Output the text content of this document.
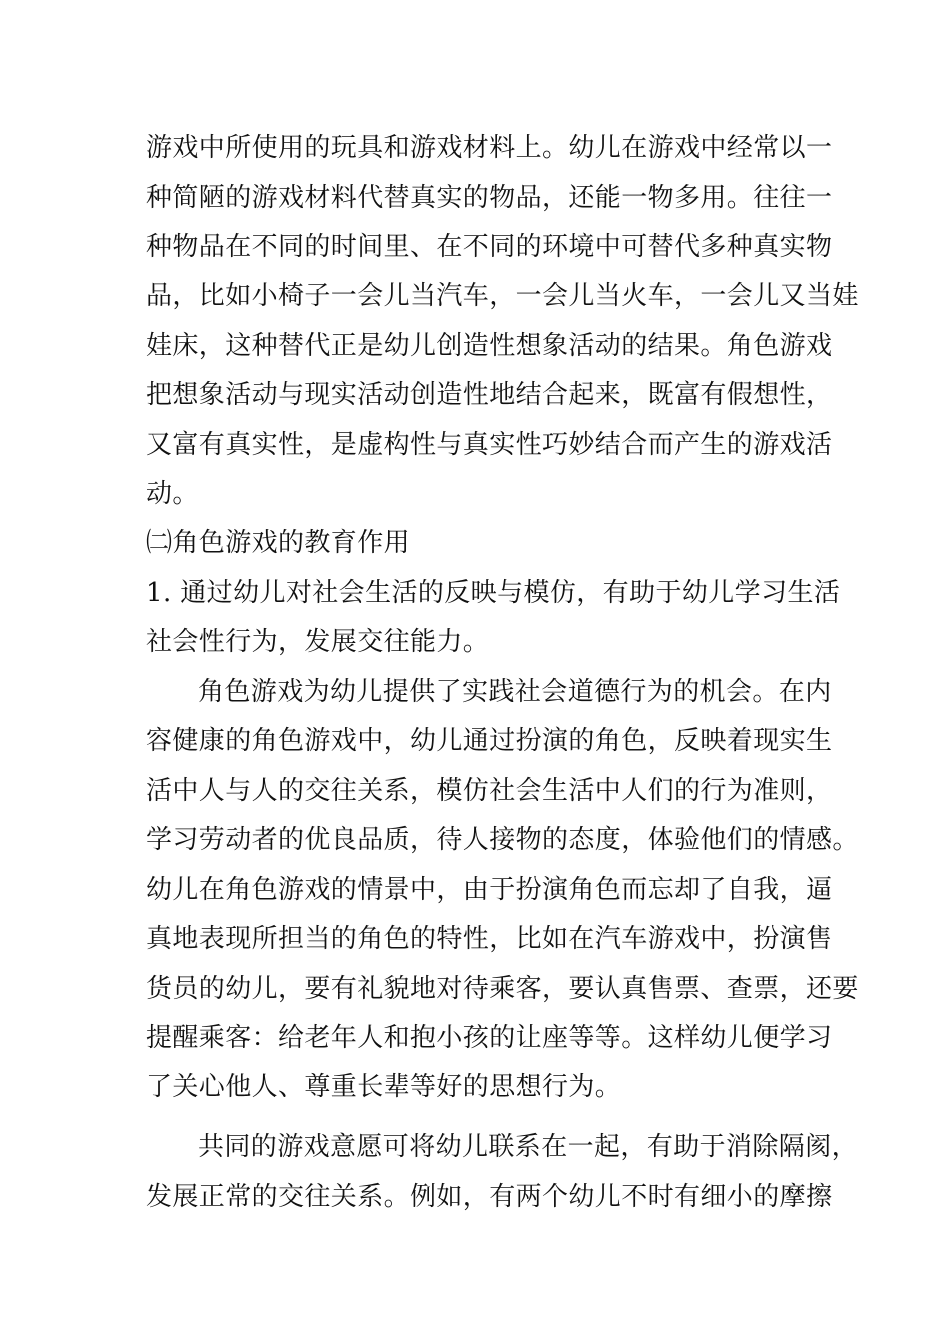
游戏中所使用的玩具和游戏材料上。幼儿在游戏中经常以一
种简陋的游戏材料代替真实的物品，还能一物多用。往往一
种物品在不同的时间里、在不同的环境中可替代多种真实物
品，比如小椅子一会儿当汽车，一会儿当火车，一会儿又当娃
娃床，这种替代正是幼儿创造性想象活动的结果。角色游戏
把想象活动与现实活动创造性地结合起来，既富有假想性，
又富有真实性，是虚构性与真实性巧妙结合而产生的游戏活
动。
㈡角色游戏的教育作用
1. 通过幼儿对社会生活的反映与模仿，有助于幼儿学习生活
社会性行为，发展交往能力。
角色游戏为幼儿提供了实践社会道德行为的机会。在内
容健康的角色游戏中，幼儿通过扮演的角色，反映着现实生
活中人与人的交往关系，模仿社会生活中人们的行为准则，
学习劳动者的优良品质，待人接物的态度，体验他们的情感。
幼儿在角色游戏的情景中，由于扮演角色而忘却了自我，逼
真地表现所担当的角色的特性，比如在汽车游戏中，扮演售
货员的幼儿，要有礼貌地对待乘客，要认真售票、查票，还要
提醒乘客：给老年人和抱小孩的让座等等。这样幼儿便学习
了关心他人、尊重长辈等好的思想行为。
共同的游戏意愿可将幼儿联系在一起，有助于消除隔阂，
发展正常的交往关系。例如，有两个幼儿不时有细小的摩擦
